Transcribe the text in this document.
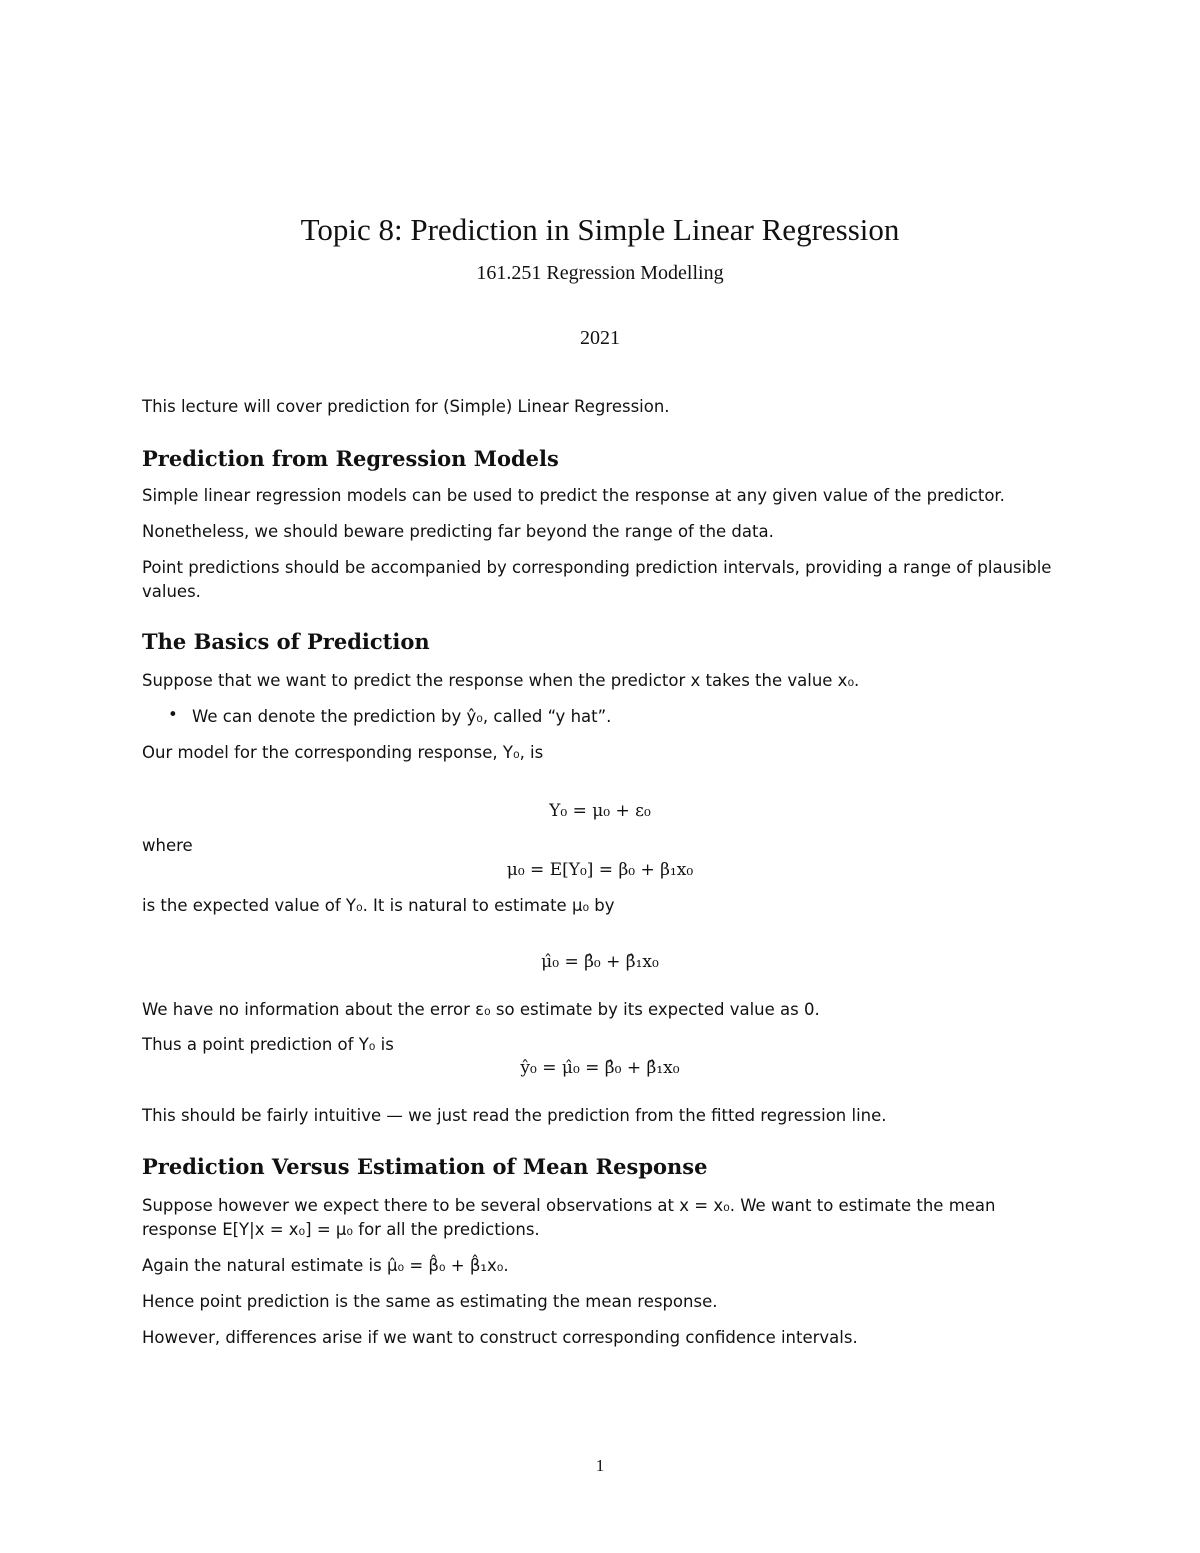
Topic 8: Prediction in Simple Linear Regression
161.251 Regression Modelling
2021
This lecture will cover prediction for (Simple) Linear Regression.
Prediction from Regression Models
Simple linear regression models can be used to predict the response at any given value of the predictor.
Nonetheless, we should beware predicting far beyond the range of the data.
Point predictions should be accompanied by corresponding prediction intervals, providing a range of plausible values.
The Basics of Prediction
Suppose that we want to predict the response when the predictor x takes the value x₀.
• We can denote the prediction by ŷ₀, called “y hat”.
Our model for the corresponding response, Y₀, is
Y₀ = μ₀ + ε₀
where
μ₀ = E[Y₀] = β₀ + β₁x₀
is the expected value of Y₀. It is natural to estimate μ₀ by
μ̂₀ = β̂₀ + β̂₁x₀
We have no information about the error ε₀ so estimate by its expected value as 0.
Thus a point prediction of Y₀ is
ŷ₀ = μ̂₀ = β̂₀ + β̂₁x₀
This should be fairly intuitive — we just read the prediction from the fitted regression line.
Prediction Versus Estimation of Mean Response
Suppose however we expect there to be several observations at x = x₀. We want to estimate the mean response E[Y|x = x₀] = μ₀ for all the predictions.
Again the natural estimate is μ̂₀ = β̂₀ + β̂₁x₀.
Hence point prediction is the same as estimating the mean response.
However, differences arise if we want to construct corresponding confidence intervals.
1
